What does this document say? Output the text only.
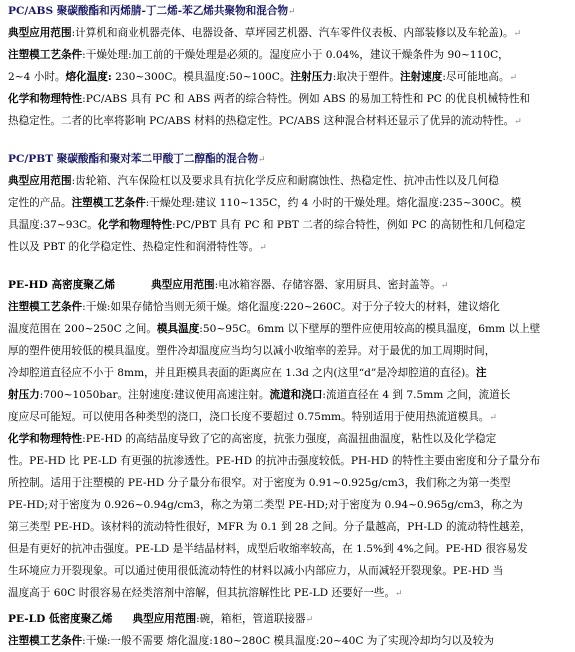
PC/ABS 聚碳酸酯和丙烯腈-丁二烯-苯乙烯共聚物和混合物↵
典型应用范围:计算机和商业机器壳体、电器设备、草坪园艺机器、汽车零件仪表板、内部装修以及车轮盖)。↵
注塑模工艺条件:干燥处理:加工前的干燥处理是必须的。湿度应小于 0.04%，建议干燥条件为 90~110C，
2~4 小时。熔化温度: 230~300C。模具温度:50~100C。注射压力:取决于塑件。注射速度:尽可能地高。↵
化学和物理特性:PC/ABS 具有 PC 和 ABS 两者的综合特性。例如 ABS 的易加工特性和 PC 的优良机械特性和
热稳定性。二者的比率将影响 PC/ABS 材料的热稳定性。PC/ABS 这种混合材料还显示了优异的流动特性。↵
PC/PBT 聚碳酸酯和聚对苯二甲酸丁二醇酯的混合物↵
典型应用范围:齿轮箱、汽车保险杠以及要求具有抗化学反应和耐腐蚀性、热稳定性、抗冲击性以及几何稳
定性的产品。注塑模工艺条件:干燥处理:建议 110~135C，约 4 小时的干燥处理。熔化温度:235~300C。模
具温度:37~93C。化学和物理特性:PC/PBT 具有 PC 和 PBT 二者的综合特性，例如 PC 的高韧性和几何稳定
性以及 PBT 的化学稳定性、热稳定性和润滑特性等。↵
PE-HD 高密度聚乙烯	典型应用范围:电冰箱容器、存储容器、家用厨具、密封盖等。↵
注塑模工艺条件:干燥:如果存储恰当则无须干燥。熔化温度:220~260C。对于分子较大的材料，建议熔化
温度范围在 200~250C 之间。模具温度:50~95C。6mm 以下壁厚的塑件应使用较高的模具温度，6mm 以上壁
厚的塑件使用较低的模具温度。塑件冷却温度应当均匀以减小收缩率的差异。对于最优的加工周期时间，
冷却腔道直径应不小于 8mm，并且距模具表面的距离应在 1.3d 之内(这里“d”是冷却腔道的直径)。注
射压力:700~1050bar。注射速度:建议使用高速注射。流道和浇口:流道直径在 4 到 7.5mm 之间，流道长
度应尽可能短。可以使用各种类型的浇口，浇口长度不要超过 0.75mm。特别适用于使用热流道模具。↵
化学和物理特性:PE-HD 的高结晶度导致了它的高密度，抗张力强度，高温扭曲温度，粘性以及化学稳定
性。PE-HD 比 PE-LD 有更强的抗渗透性。PE-HD 的抗冲击强度较低。PH-HD 的特性主要由密度和分子量分布
所控制。适用于注塑模的 PE-HD 分子量分布很窄。对于密度为 0.91~0.925g/cm3，我们称之为第一类型
PE-HD;对于密度为 0.926~0.94g/cm3，称之为第二类型 PE-HD;对于密度为 0.94~0.965g/cm3，称之为
第三类型 PE-HD。该材料的流动特性很好，MFR 为 0.1 到 28 之间。分子量越高，PH-LD 的流动特性越差，
但是有更好的抗冲击强度。PE-LD 是半结晶材料，成型后收缩率较高，在 1.5%到 4%之间。PE-HD 很容易发
生环境应力开裂现象。可以通过使用很低流动特性的材料以减小内部应力，从而减轻开裂现象。PE-HD 当
温度高于 60C 时很容易在烃类溶剂中溶解，但其抗溶解性比 PE-LD 还要好一些。↵
PE-LD 低密度聚乙烯 典型应用范围:碗，箱柜，管道联接器↵
注塑模工艺条件:干燥:一般不需要 熔化温度:180~280C 模具温度:20~40C 为了实现冷却均匀以及较为
